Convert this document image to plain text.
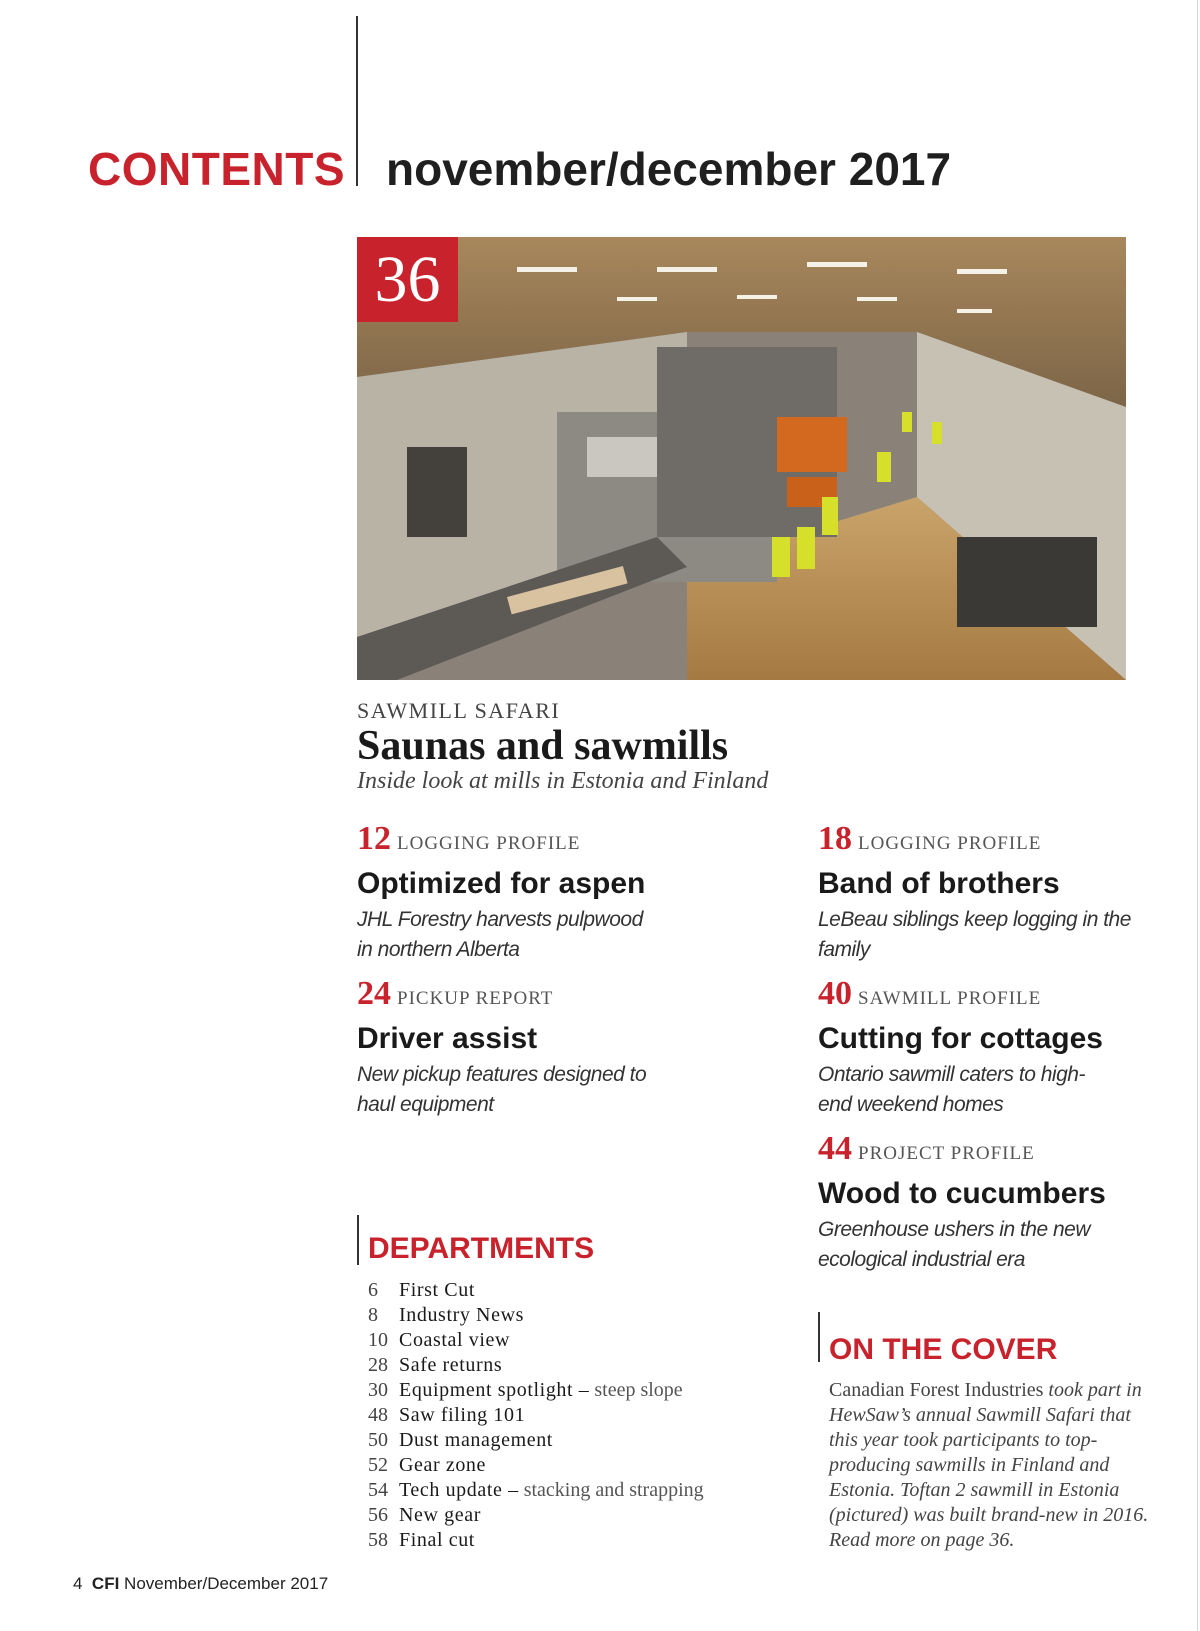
CONTENTS november/december 2017
36
SAWMILL SAFARI
Saunas and sawmills
Inside look at mills in Estonia and Finland
12 LOGGING PROFILE
Optimized for aspen
JHL Forestry harvests pulpwood in northern Alberta
18 LOGGING PROFILE
Band of brothers
LeBeau siblings keep logging in the family
24 PICKUP REPORT
Driver assist
New pickup features designed to haul equipment
40 SAWMILL PROFILE
Cutting for cottages
Ontario sawmill caters to high-end weekend homes
44 PROJECT PROFILE
Wood to cucumbers
Greenhouse ushers in the new ecological industrial era
DEPARTMENTS
6 First Cut
8 Industry News
10 Coastal view
28 Safe returns
30 Equipment spotlight – steep slope
48 Saw filing 101
50 Dust management
52 Gear zone
54 Tech update – stacking and strapping
56 New gear
58 Final cut
ON THE COVER
Canadian Forest Industries took part in HewSaw’s annual Sawmill Safari that this year took participants to top-producing sawmills in Finland and Estonia. Toftan 2 sawmill in Estonia (pictured) was built brand-new in 2016. Read more on page 36.
4 CFI November/December 2017
